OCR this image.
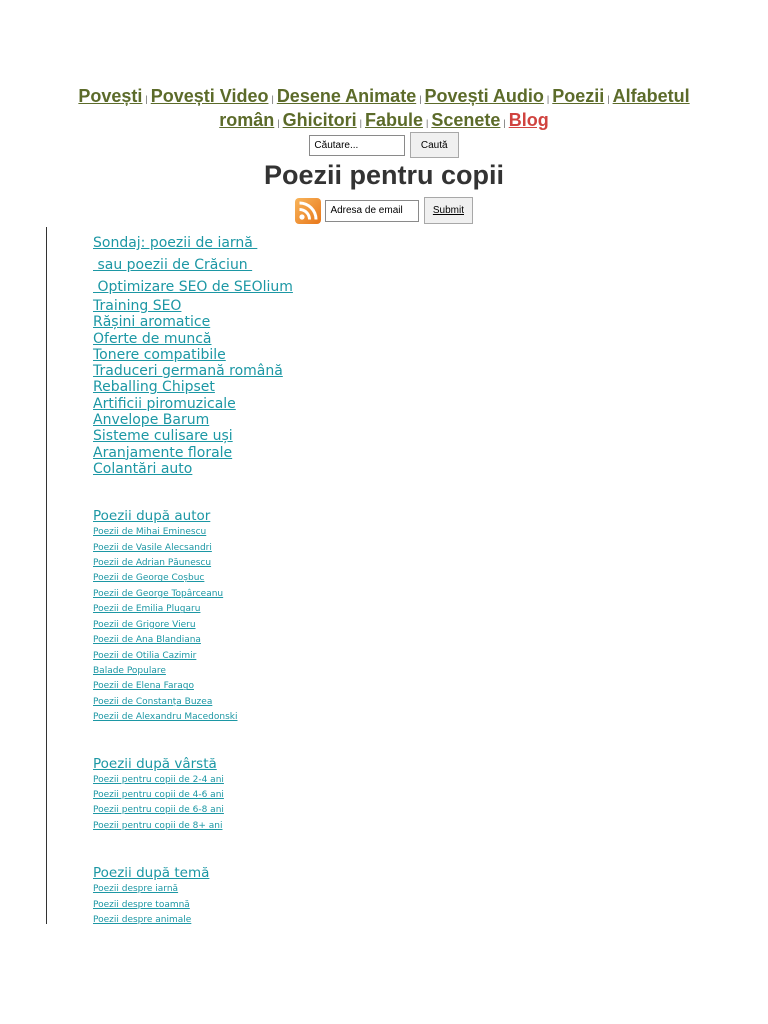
Povești | Povești Video | Desene Animate | Povești Audio | Poezii | Alfabetul român | Ghicitori | Fabule | Scenete | Blog
Căutare... Caută
Poezii pentru copii
Adresa de email Submit
Sondaj: poezii de iarnă
sau poezii de Crăciun
Optimizare SEO de SEOlium
Training SEO
Rășini aromatice
Oferte de muncă
Tonere compatibile
Traduceri germană română
Reballing Chipset
Artificii piromuzicale
Anvelope Barum
Sisteme culisare uși
Aranjamente florale
Colantări auto
Poezii după autor
Poezii de Mihai Eminescu
Poezii de Vasile Alecsandri
Poezii de Adrian Păunescu
Poezii de George Coșbuc
Poezii de George Topârceanu
Poezii de Emilia Plugaru
Poezii de Grigore Vieru
Poezii de Ana Blandiana
Poezii de Otilia Cazimir
Balade Populare
Poezii de Elena Farago
Poezii de Constanța Buzea
Poezii de Alexandru Macedonski
Poezii după vârstă
Poezii pentru copii de 2-4 ani
Poezii pentru copii de 4-6 ani
Poezii pentru copii de 6-8 ani
Poezii pentru copii de 8+ ani
Poezii după temă
Poezii despre iarnă
Poezii despre toamnă
Poezii despre animale
